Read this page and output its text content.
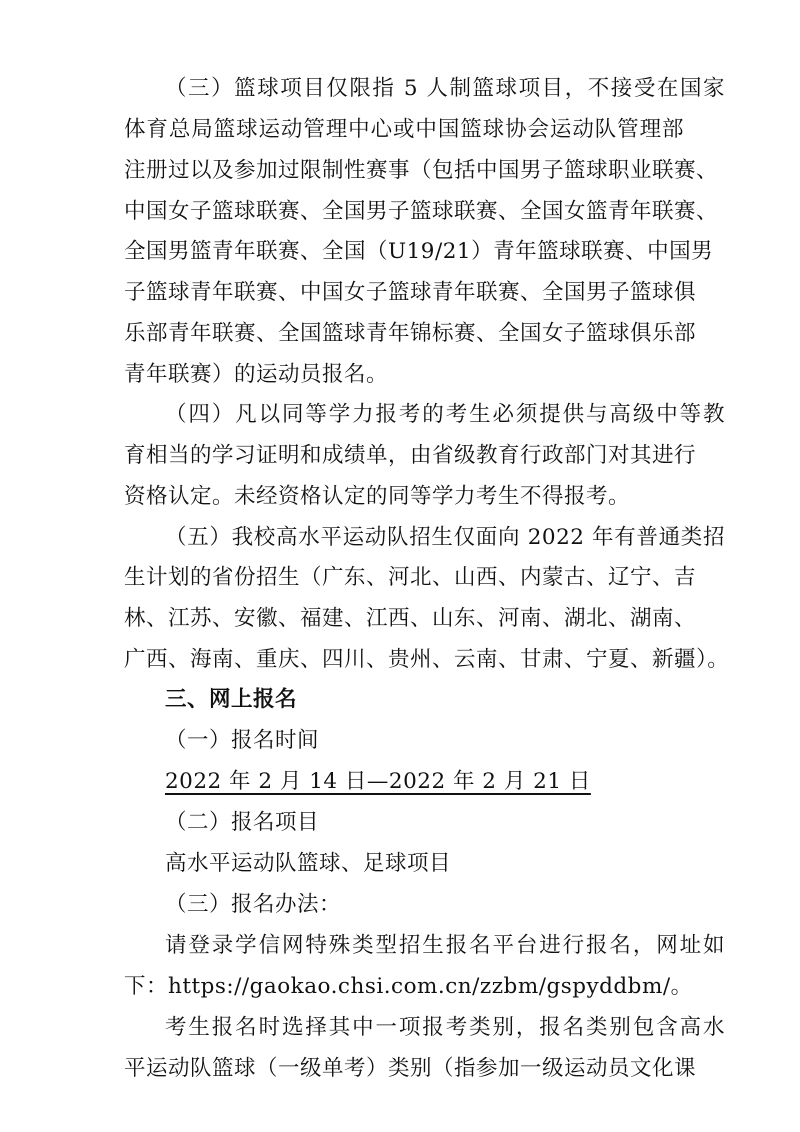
（三）篮球项目仅限指 5 人制篮球项目，不接受在国家
体育总局篮球运动管理中心或中国篮球协会运动队管理部
注册过以及参加过限制性赛事（包括中国男子篮球职业联赛、
中国女子篮球联赛、全国男子篮球联赛、全国女篮青年联赛、
全国男篮青年联赛、全国（U19/21）青年篮球联赛、中国男
子篮球青年联赛、中国女子篮球青年联赛、全国男子篮球俱
乐部青年联赛、全国篮球青年锦标赛、全国女子篮球俱乐部
青年联赛）的运动员报名。
（四）凡以同等学力报考的考生必须提供与高级中等教
育相当的学习证明和成绩单，由省级教育行政部门对其进行
资格认定。未经资格认定的同等学力考生不得报考。
（五）我校高水平运动队招生仅面向 2022 年有普通类招
生计划的省份招生（广东、河北、山西、内蒙古、辽宁、吉
林、江苏、安徽、福建、江西、山东、河南、湖北、湖南、
广西、海南、重庆、四川、贵州、云南、甘肃、宁夏、新疆）。
三、网上报名
（一）报名时间
2022 年 2 月 14 日—2022 年 2 月 21 日
（二）报名项目
高水平运动队篮球、足球项目
（三）报名办法：
请登录学信网特殊类型招生报名平台进行报名，网址如
下：https://gaokao.chsi.com.cn/zzbm/gspyddbm/。
考生报名时选择其中一项报考类别，报名类别包含高水
平运动队篮球（一级单考）类别（指参加一级运动员文化课
